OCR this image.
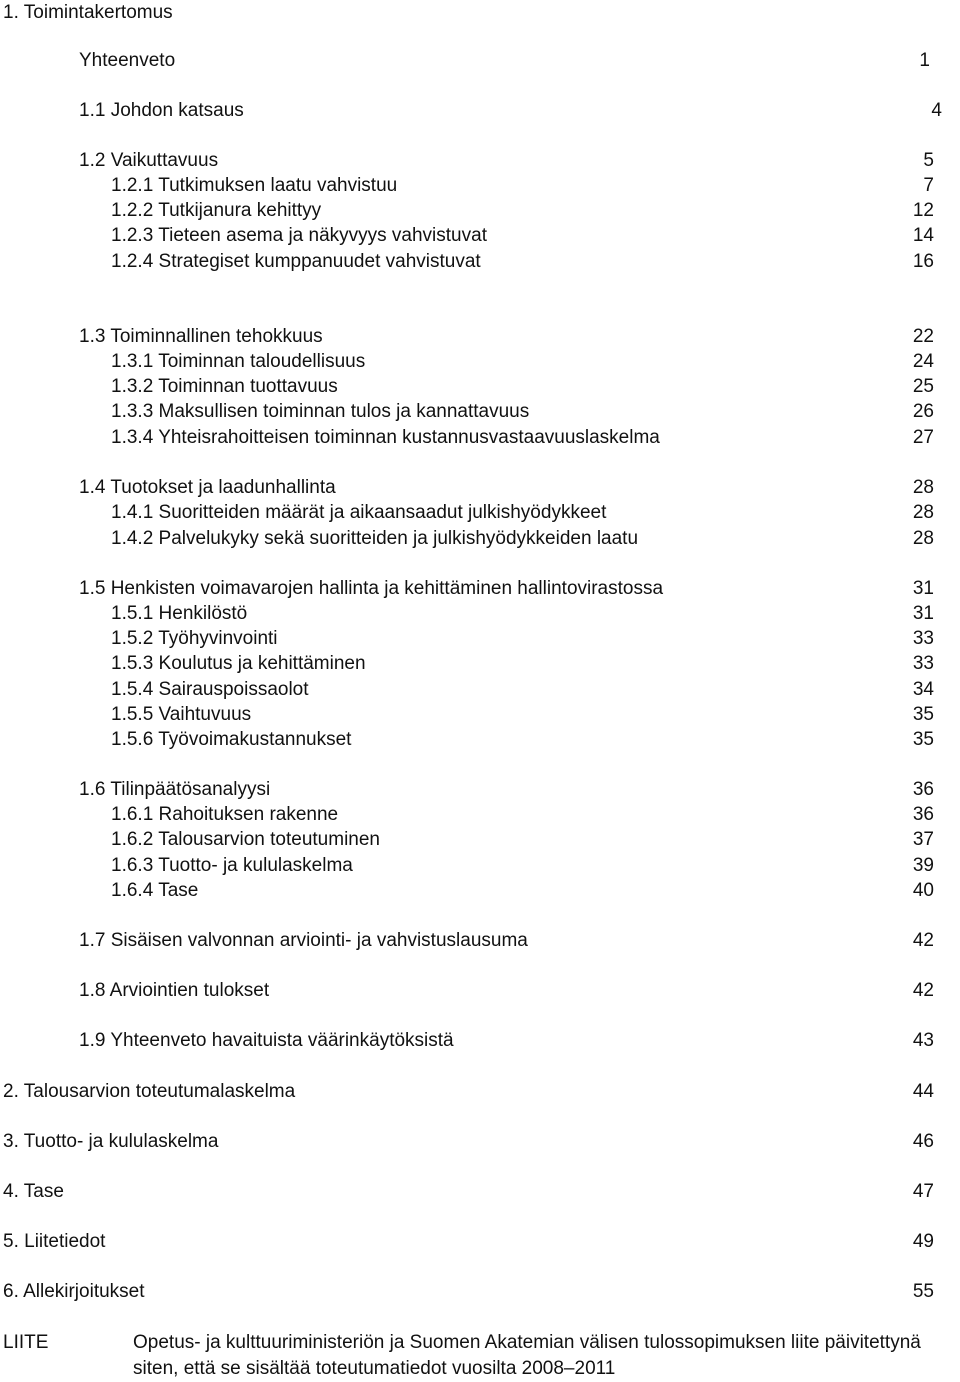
1. Toimintakertomus
Yhteenveto	1
1.1 Johdon katsaus	4
1.2 Vaikuttavuus	5
1.2.1 Tutkimuksen laatu vahvistuu	7
1.2.2 Tutkijanura kehittyy	12
1.2.3 Tieteen asema ja näkyvyys vahvistuvat	14
1.2.4 Strategiset kumppanuudet vahvistuvat	16
1.3 Toiminnallinen tehokkuus	22
1.3.1 Toiminnan taloudellisuus	24
1.3.2 Toiminnan tuottavuus	25
1.3.3 Maksullisen toiminnan tulos ja kannattavuus	26
1.3.4 Yhteisrahoitteisen toiminnan kustannusvastaavuuslaskelma	27
1.4 Tuotokset ja laadunhallinta	28
1.4.1 Suoritteiden määrät ja aikaansaadut julkishyödykkeet	28
1.4.2 Palvelukyky sekä suoritteiden ja julkishyödykkeiden laatu	28
1.5 Henkisten voimavarojen hallinta ja kehittäminen hallintovirastossa	31
1.5.1 Henkilöstö	31
1.5.2 Työhyvinvointi	33
1.5.3 Koulutus ja kehittäminen	33
1.5.4 Sairauspoissaolot	34
1.5.5 Vaihtuvuus	35
1.5.6 Työvoimakustannukset	35
1.6 Tilinpäätösanalyysi	36
1.6.1 Rahoituksen rakenne	36
1.6.2 Talousarvion toteutuminen	37
1.6.3 Tuotto- ja kululaskelma	39
1.6.4 Tase	40
1.7 Sisäisen valvonnan arviointi- ja vahvistuslausuma	42
1.8 Arviointien tulokset	42
1.9 Yhteenveto havaituista väärinkäytöksistä	43
2. Talousarvion toteutumalaskelma	44
3. Tuotto- ja kululaskelma	46
4. Tase	47
5. Liitetiedot	49
6. Allekirjoitukset	55
LIITE	Opetus- ja kulttuuriministeriön ja Suomen Akatemian välisen tulossopimuksen liite päivitettynä siten, että se sisältää toteutumatiedot vuosilta 2008–2011
